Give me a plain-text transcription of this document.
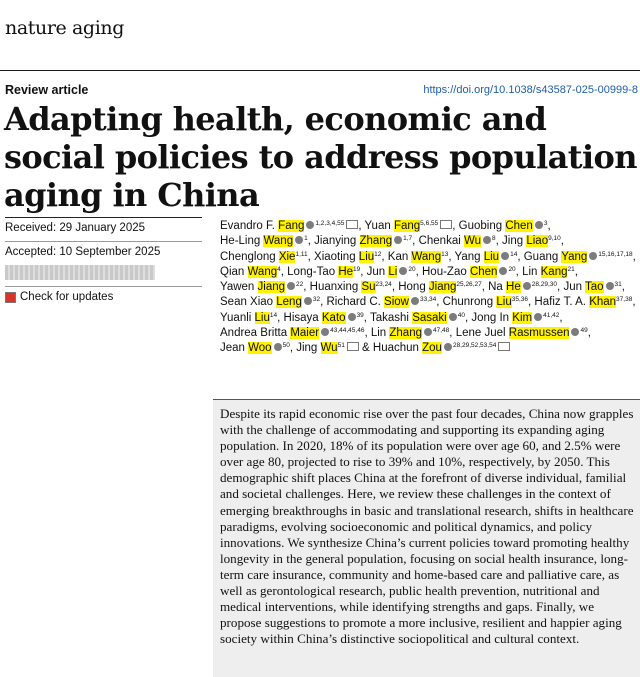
nature aging
Review article	https://doi.org/10.1038/s43587-025-00999-8
Adapting health, economic and social policies to address population aging in China
Received: 29 January 2025
Accepted: 10 September 2025
Check for updates

Evandro F. Fang $^{1,2,3,4,55}$ , Yuan Fang$^{5,6,55}$ , Guobing Chen $^3$, He-Ling Wang $^1$, Jianying Zhang $^{1,7}$, Chenkai Wu $^8$, Jing Liao$^{9,10}$, Chenglong Xie$^{1,11}$, Xiaoting Liu$^{12}$, Kan Wang$^{13}$, Yang Liu $^{14}$, Guang Yang $^{15,16,17,18}$, Qian Wang$^4$, Long-Tao He$^{19}$, Jun Li $^{20}$, Hou-Zao Chen $^{20}$, Lin Kang$^{21}$, Yawen Jiang $^{22}$, Huanxing Su$^{23,24}$, Hong Jiang$^{25,26,27}$, Na He $^{28,29,30}$, Jun Tao $^{31}$, Sean Xiao Leng $^{32}$, Richard C. Siow $^{33,34}$, Chunrong Liu$^{35,36}$, Hafiz T. A. Khan$^{37,38}$, Yuanli Liu$^{14}$, Hisaya Kato $^{39}$, Takashi Sasaki $^{40}$, Jong In Kim $^{41,42}$, Andrea Britta Maier $^{43,44,45,46}$, Lin Zhang $^{47,48}$, Lene Juel Rasmussen $^{49}$, Jean Woo $^{50}$, Jing Wu$^{51}$ & Huachun Zou $^{28,29,52,53,54}$

Despite its rapid economic rise over the past four decades, China now grapples with the challenge of accommodating and supporting its expanding aging population. In 2020, 18% of its population were over age 60, and 2.5% were over age 80, projected to rise to 39% and 10%, respectively, by 2050. This demographic shift places China at the forefront of diverse individual, familial and societal challenges. Here, we review these challenges in the context of emerging breakthroughs in basic and translational research, shifts in healthcare paradigms, evolving socioeconomic and political dynamics, and policy innovations. We synthesize China’s current policies toward promoting healthy longevity in the general population, focusing on social health insurance, long-term care insurance, community and home-based care and palliative care, as well as gerontological research, public health prevention, nutritional and medical interventions, while identifying strengths and gaps. Finally, we propose suggestions to promote a more inclusive, resilient and happier aging society within China’s distinctive sociopolitical and cultural context.
